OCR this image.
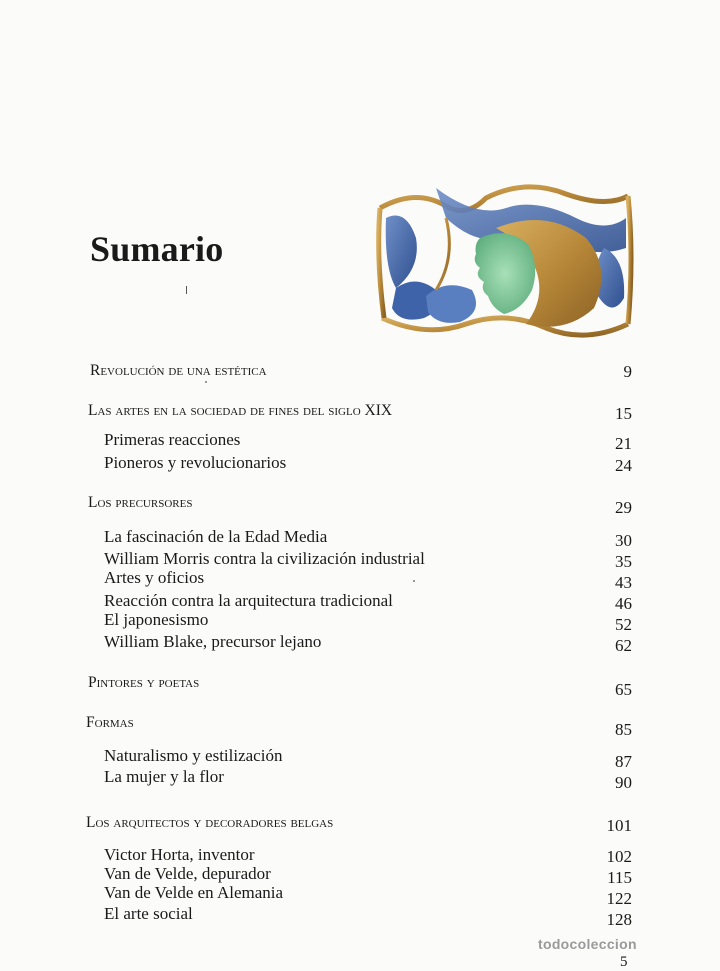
Sumario
Revolución de una estética	9
Las artes en la sociedad de fines del siglo XIX	15
Primeras reacciones	21
Pioneros y revolucionarios	24
Los precursores	29
La fascinación de la Edad Media	30
William Morris contra la civilización industrial	35
Artes y oficios	43
Reacción contra la arquitectura tradicional	46
El japonesismo	52
William Blake, precursor lejano	62
Pintores y poetas	65
Formas	85
Naturalismo y estilización	87
La mujer y la flor	90
Los arquitectos y decoradores belgas	101
Victor Horta, inventor	102
Van de Velde, depurador	115
Van de Velde en Alemania	122
El arte social	128
todocoleccion
5
